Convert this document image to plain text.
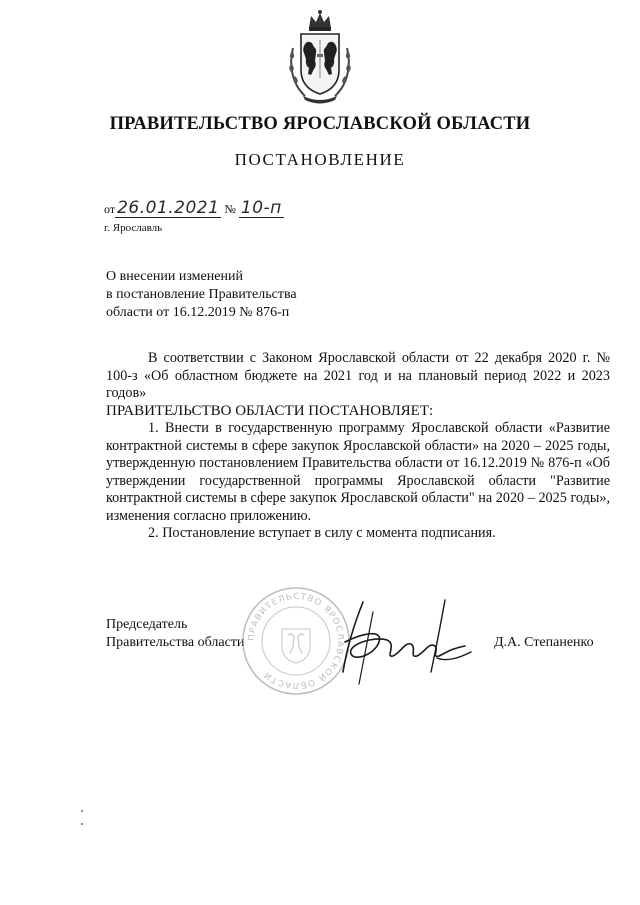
ПРАВИТЕЛЬСТВО ЯРОСЛАВСКОЙ ОБЛАСТИ
ПОСТАНОВЛЕНИЕ
от 26.01.2021 № 10-п
г. Ярославль
О внесении изменений
в постановление Правительства
области от 16.12.2019 № 876-п

В соответствии с Законом Ярославской области от 22 декабря 2020 г. № 100-з «Об областном бюджете на 2021 год и на плановый период 2022 и 2023 годов»

ПРАВИТЕЛЬСТВО ОБЛАСТИ ПОСТАНОВЛЯЕТ:

1. Внести в государственную программу Ярославской области «Развитие контрактной системы в сфере закупок Ярославской области» на 2020 – 2025 годы, утвержденную постановлением Правительства области от 16.12.2019 № 876-п «Об утверждении государственной программы Ярославской области "Развитие контрактной системы в сфере закупок Ярославской области" на 2020 – 2025 годы», изменения согласно приложению.

2. Постановление вступает в силу с момента подписания.

Председатель
Правительства области	Д.А. Степаненко
ПРАВИТЕЛЬСТВО ЯРОСЛАВСКОЙ ОБЛАСТИ
